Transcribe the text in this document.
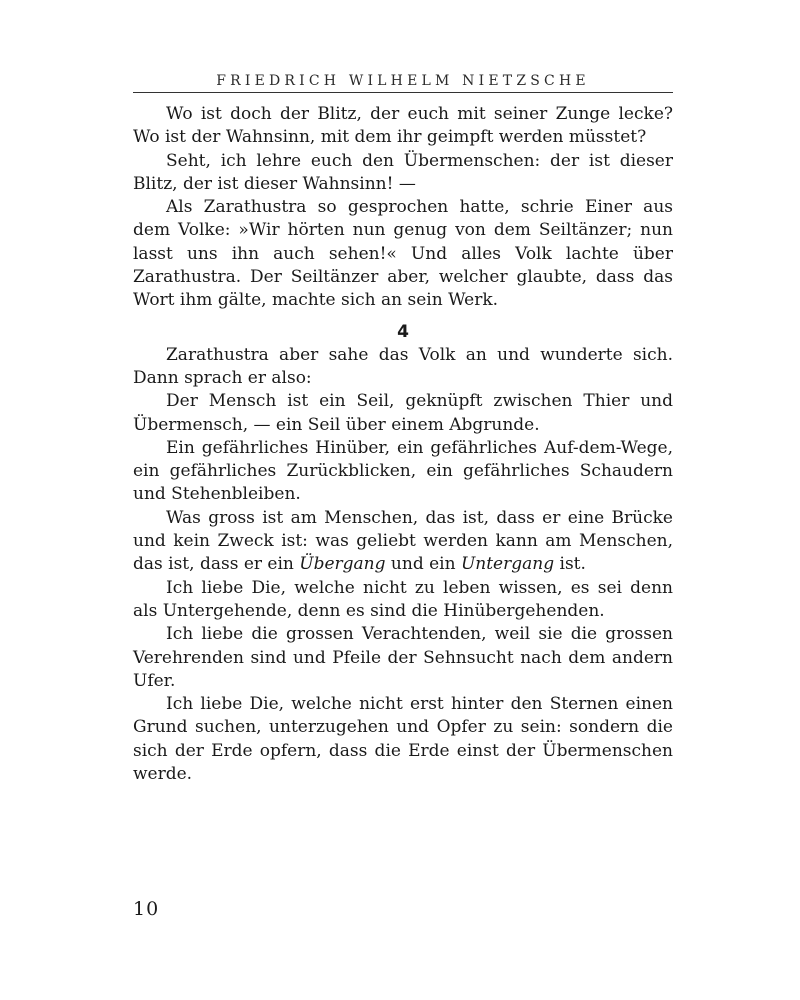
FRIEDRICH WILHELM NIETZSCHE

Wo ist doch der Blitz, der euch mit seiner Zunge lecke? Wo ist der Wahnsinn, mit dem ihr geimpft werden müsstet?

Seht, ich lehre euch den Übermenschen: der ist dieser Blitz, der ist dieser Wahnsinn! —

Als Zarathustra so gesprochen hatte, schrie Einer aus dem Volke: »Wir hörten nun genug von dem Seiltänzer; nun lasst uns ihn auch sehen!« Und alles Volk lachte über Zarathustra. Der Seiltänzer aber, welcher glaubte, dass das Wort ihm gälte, machte sich an sein Werk.

4

Zarathustra aber sahe das Volk an und wunderte sich. Dann sprach er also:

Der Mensch ist ein Seil, geknüpft zwischen Thier und Übermensch, — ein Seil über einem Abgrunde.

Ein gefährliches Hinüber, ein gefährliches Auf-dem-Wege, ein gefährliches Zurückblicken, ein gefährliches Schaudern und Stehenbleiben.

Was gross ist am Menschen, das ist, dass er eine Brücke und kein Zweck ist: was geliebt werden kann am Menschen, das ist, dass er ein Übergang und ein Untergang ist.

Ich liebe Die, welche nicht zu leben wissen, es sei denn als Untergehende, denn es sind die Hinübergehenden.

Ich liebe die grossen Verachtenden, weil sie die grossen Verehrenden sind und Pfeile der Sehnsucht nach dem andern Ufer.

Ich liebe Die, welche nicht erst hinter den Sternen einen Grund suchen, unterzugehen und Opfer zu sein: sondern die sich der Erde opfern, dass die Erde einst der Übermenschen werde.

10
